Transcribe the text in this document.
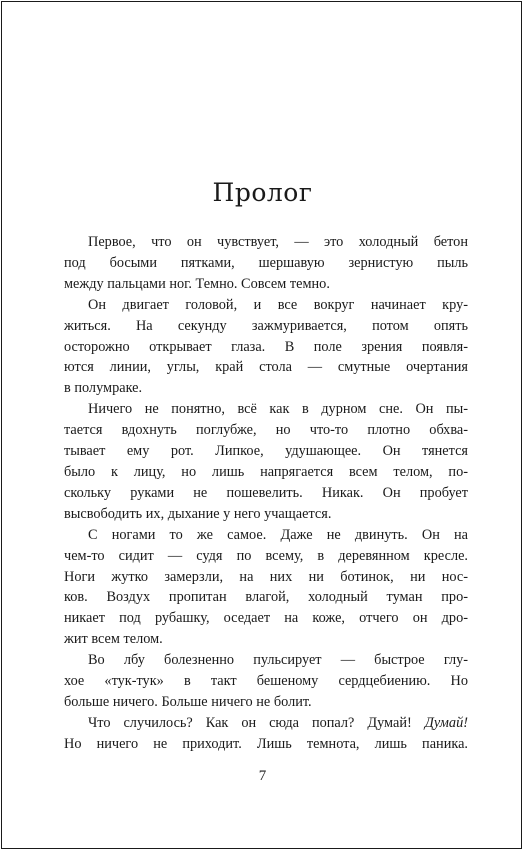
Пролог
Первое, что он чувствует, — это холодный бетон
под босыми пятками, шершавую зернистую пыль
между пальцами ног. Темно. Совсем темно.
Он двигает головой, и все вокруг начинает кру-
житься. На секунду зажмуривается, потом опять
осторожно открывает глаза. В поле зрения появля-
ются линии, углы, край стола — смутные очертания
в полумраке.
Ничего не понятно, всё как в дурном сне. Он пы-
тается вдохнуть поглубже, но что-то плотно обхва-
тывает ему рот. Липкое, удушающее. Он тянется
было к лицу, но лишь напрягается всем телом, по-
скольку руками не пошевелить. Никак. Он пробует
высвободить их, дыхание у него учащается.
С ногами то же самое. Даже не двинуть. Он на
чем-то сидит — судя по всему, в деревянном кресле.
Ноги жутко замерзли, на них ни ботинок, ни нос-
ков. Воздух пропитан влагой, холодный туман про-
никает под рубашку, оседает на коже, отчего он дро-
жит всем телом.
Во лбу болезненно пульсирует — быстрое глу-
хое «тук-тук» в такт бешеному сердцебиению. Но
больше ничего. Больше ничего не болит.
Что случилось? Как он сюда попал? Думай! Думай!
Но ничего не приходит. Лишь темнота, лишь паника.
7
